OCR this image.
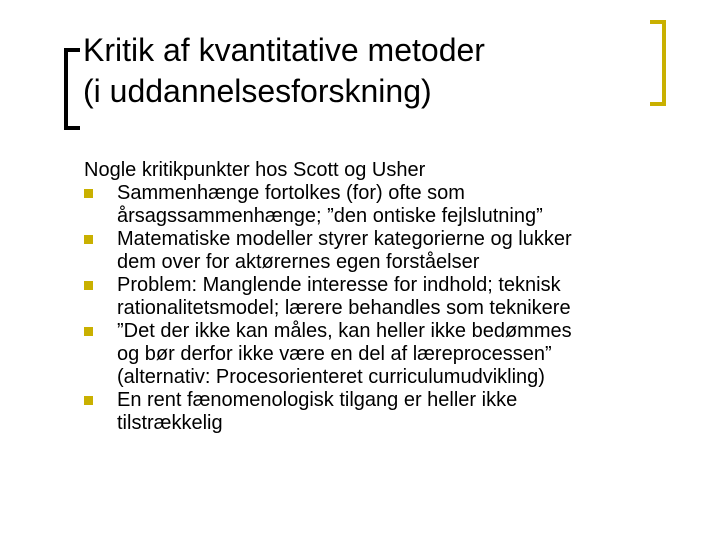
Kritik af kvantitative metoder
(i uddannelsesforskning)

Nogle kritikpunkter hos Scott og Usher

Sammenhænge fortolkes (for) ofte som
årsagssammenhænge; ”den ontiske fejlslutning”
Matematiske modeller styrer kategorierne og lukker
dem over for aktørernes egen forståelser
Problem: Manglende interesse for indhold; teknisk
rationalitetsmodel; lærere behandles som teknikere
”Det der ikke kan måles, kan heller ikke bedømmes
og bør derfor ikke være en del af læreprocessen”
(alternativ: Procesorienteret curriculumudvikling)
En rent fænomenologisk tilgang er heller ikke
tilstrækkelig
